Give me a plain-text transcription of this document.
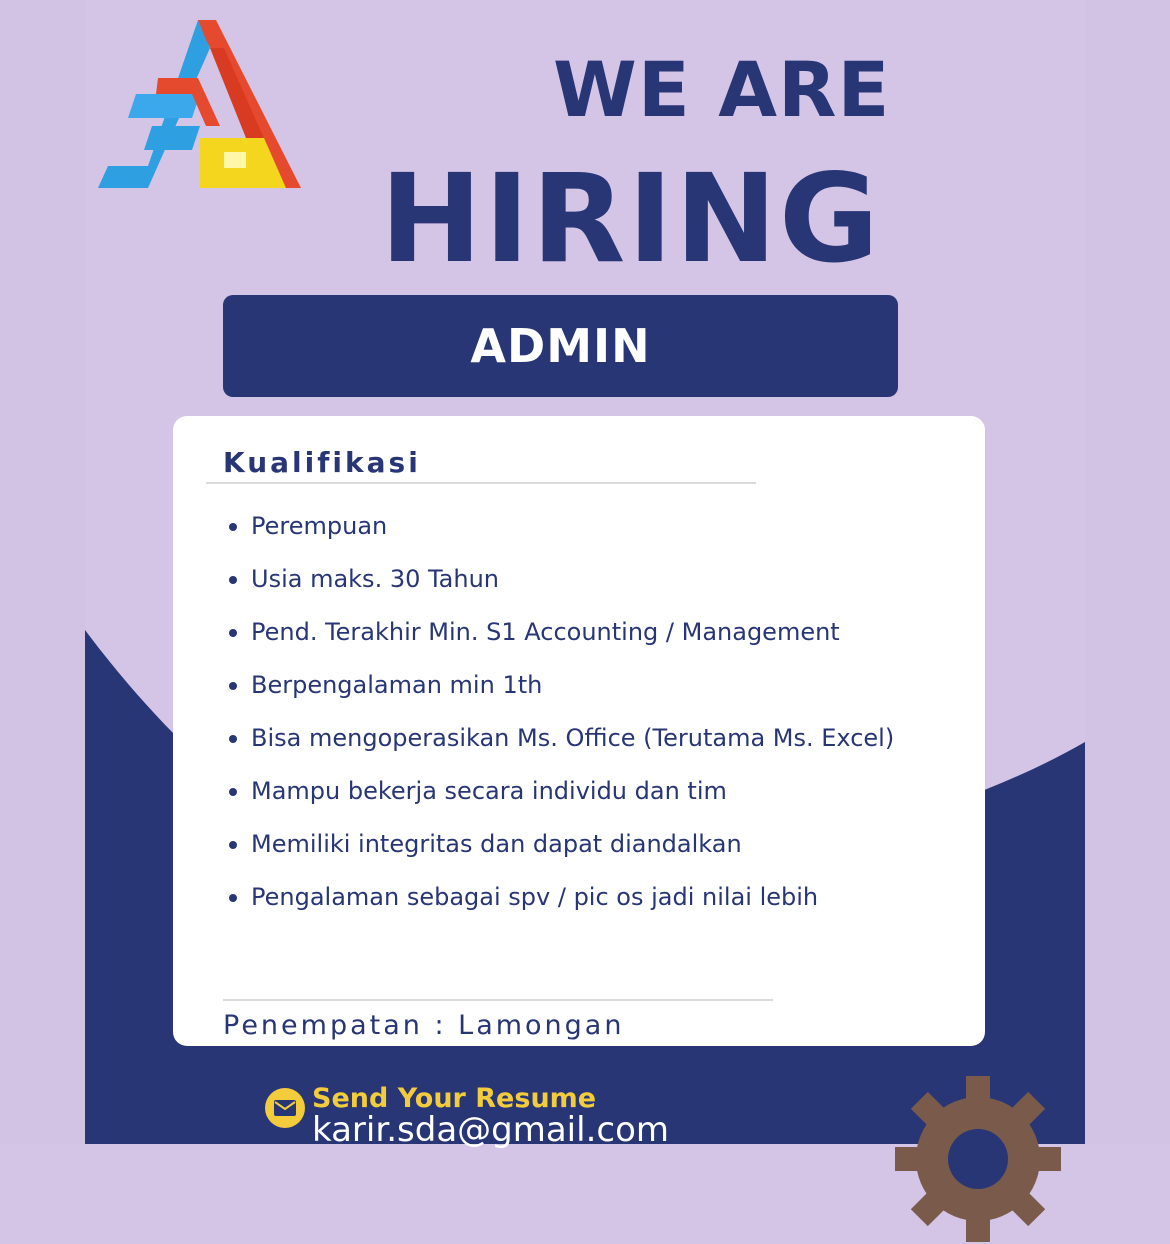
WE ARE
HIRING
ADMIN
Kualifikasi
Perempuan
Usia maks. 30 Tahun
Pend. Terakhir Min. S1 Accounting / Management
Berpengalaman min 1th
Bisa mengoperasikan Ms. Office (Terutama Ms. Excel)
Mampu bekerja secara individu dan tim
Memiliki integritas dan dapat diandalkan
Pengalaman sebagai spv / pic os jadi nilai lebih
Penempatan : Lamongan
Send Your Resume
karir.sda@gmail.com
